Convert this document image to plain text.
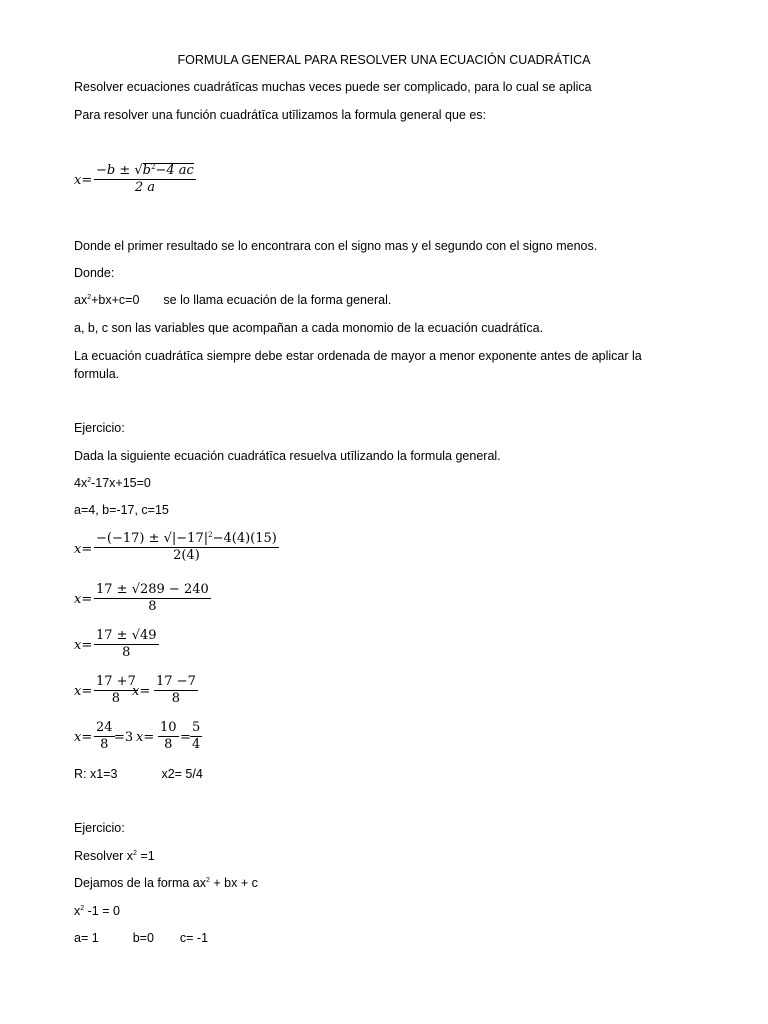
FORMULA GENERAL PARA RESOLVER UNA ECUACIÓN CUADRÁTICA
Resolver ecuaciones cuadrátīcas muchas veces puede ser complicado, para lo cual se aplica
Para resolver una función cuadrátīca utīlizamos la formula general que es:
x=
$-b \pm √b^2-4$ ac
2 a
Donde el primer resultado se lo encontrara con el signo mas y el segundo con el signo menos.
Donde:
$ax^2+bx+c=0$ se lo llama ecuación de la forma general.
a, b, c son las variables que acompañan a cada monomio de la ecuación cuadrátīca.
La ecuación cuadrátīca siempre debe estar ordenada de mayor a menor exponente antes de aplicar la
formula.
Ejercicio:
Dada la siguiente ecuación cuadrátīca resuelva utīlizando la formula general.
$4x^2-17x+15=0$
a=4, b=-17, c=15
x=
$-(-17) \pm √|-17|^2-4(4)(15)$
2(4)
x=
17 ± √289 − 240
8
x=
17 ± √49
8
x=
17 +7
8 x=
17 −7
8
x=
24
8 =3 x=
10
8 =
5
4
R: x1=3	x2= 5/4
Ejercicio:
Resolver $x^2 =1$
Dejamos de la forma $ax^2$ + bx + c
$x^2$ -1 = 0
a= 1	b=0 c= -1
